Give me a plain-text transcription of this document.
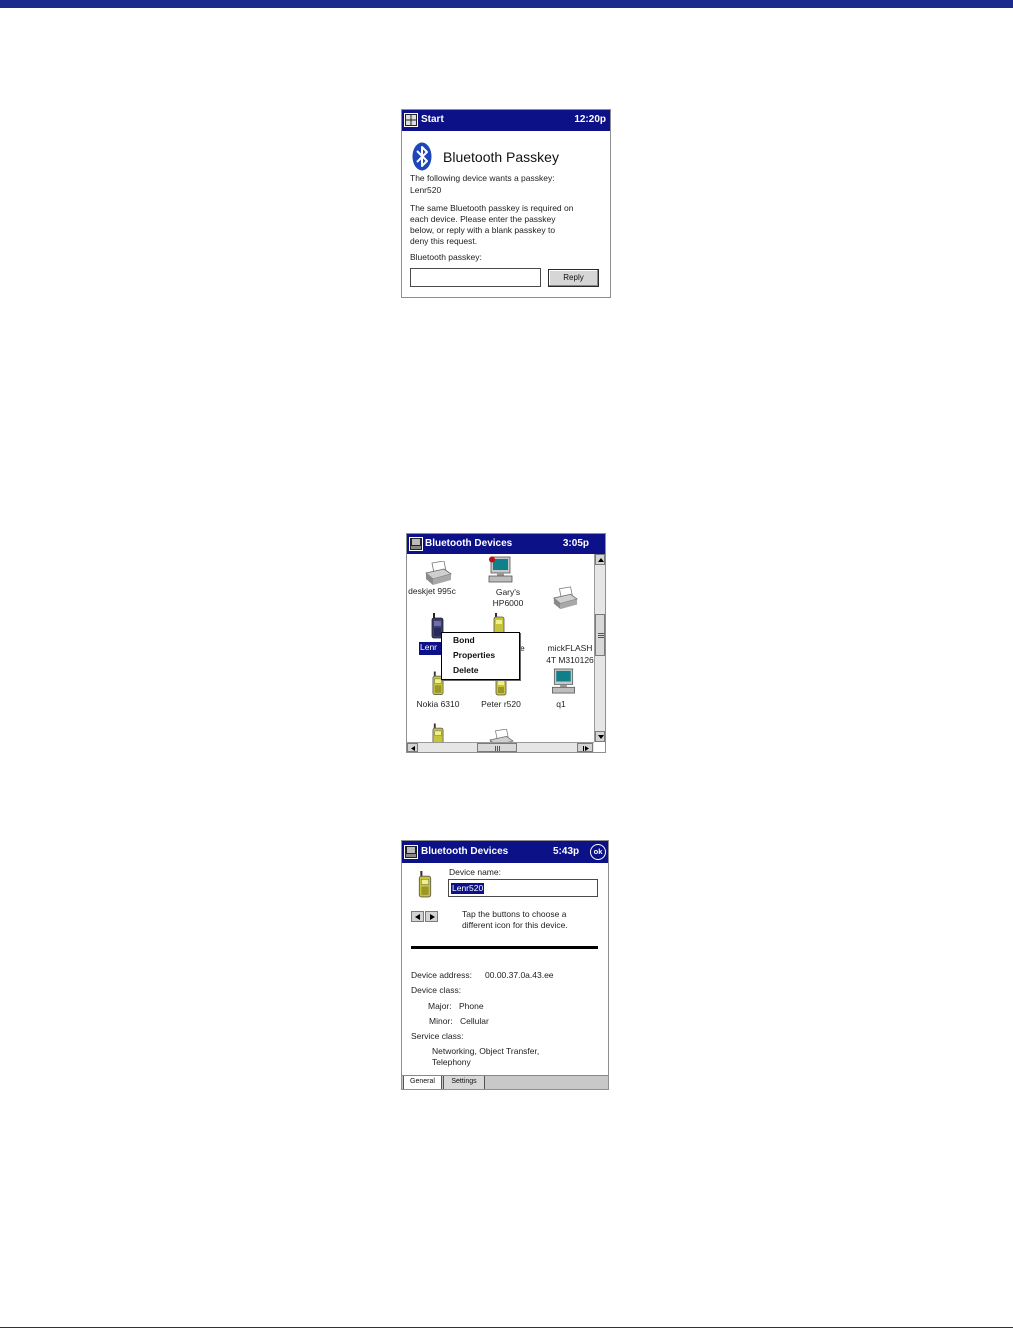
Start	12:20p
Bluetooth Passkey
The following device wants a passkey:
Lenr520
The same Bluetooth passkey is required on
each device. Please enter the passkey
below, or reply with a blank passkey to
deny this request.
Bluetooth passkey:
Reply
Bluetooth Devices	3:05p
deskjet 995c	Gary's
HP6000
Lenr	e	mickFLASH
4T M310126
Bond
Properties
Delete
Nokia 6310	Peter r520	q1
Bluetooth Devices	5:43p	ok
Device name:
Lenr520
Tap the buttons to choose a
different icon for this device.
Device address: 00.00.37.0a.43.ee
Device class:
Major: Phone
Minor: Cellular
Service class:
Networking, Object Transfer,
Telephony
General	Settings
